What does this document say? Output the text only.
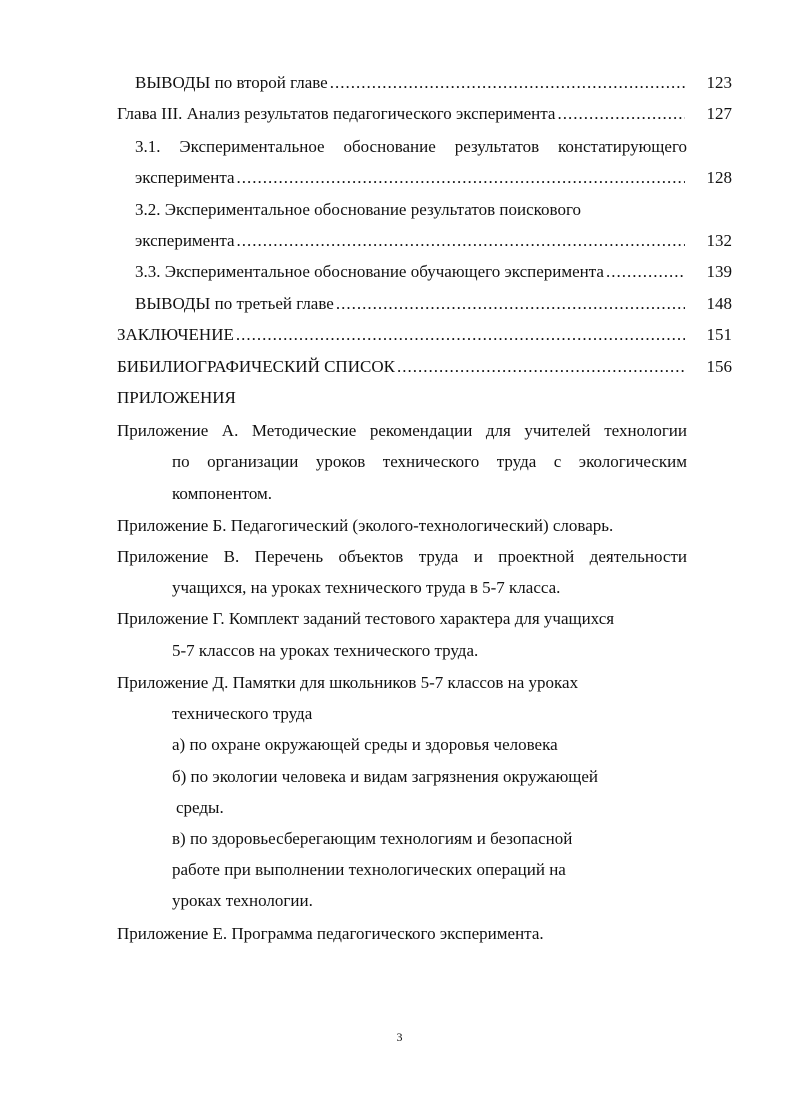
ВЫВОДЫ по второй главе .....	123
Глава III. Анализ результатов педагогического эксперимента .....	127
3.1. Экспериментальное обоснование результатов констатирующего
эксперимента .....	128
3.2. Экспериментальное обоснование результатов поискового
эксперимента .....	132
3.3. Экспериментальное обоснование обучающего эксперимента .....	139
ВЫВОДЫ по третьей главе .....	148
ЗАКЛЮЧЕНИЕ .....	151
БИБИЛИОГРАФИЧЕСКИЙ СПИСОК .....	156
ПРИЛОЖЕНИЯ
Приложение А. Методические рекомендации для учителей технологии
по организации уроков технического труда с экологическим
компонентом.
Приложение Б. Педагогический (эколого-технологический) словарь.
Приложение В. Перечень объектов труда и проектной деятельности
учащихся, на уроках технического труда в 5-7 класса.
Приложение Г. Комплект заданий тестового характера для учащихся
5-7 классов на уроках технического труда.
Приложение Д. Памятки для школьников 5-7 классов на уроках
технического труда
а) по охране окружающей среды и здоровья человека
б) по экологии человека и видам загрязнения окружающей
среды.
в) по здоровьесберегающим технологиям и безопасной
работе при выполнении технологических операций на
уроках технологии.
Приложение Е. Программа педагогического эксперимента.
3
